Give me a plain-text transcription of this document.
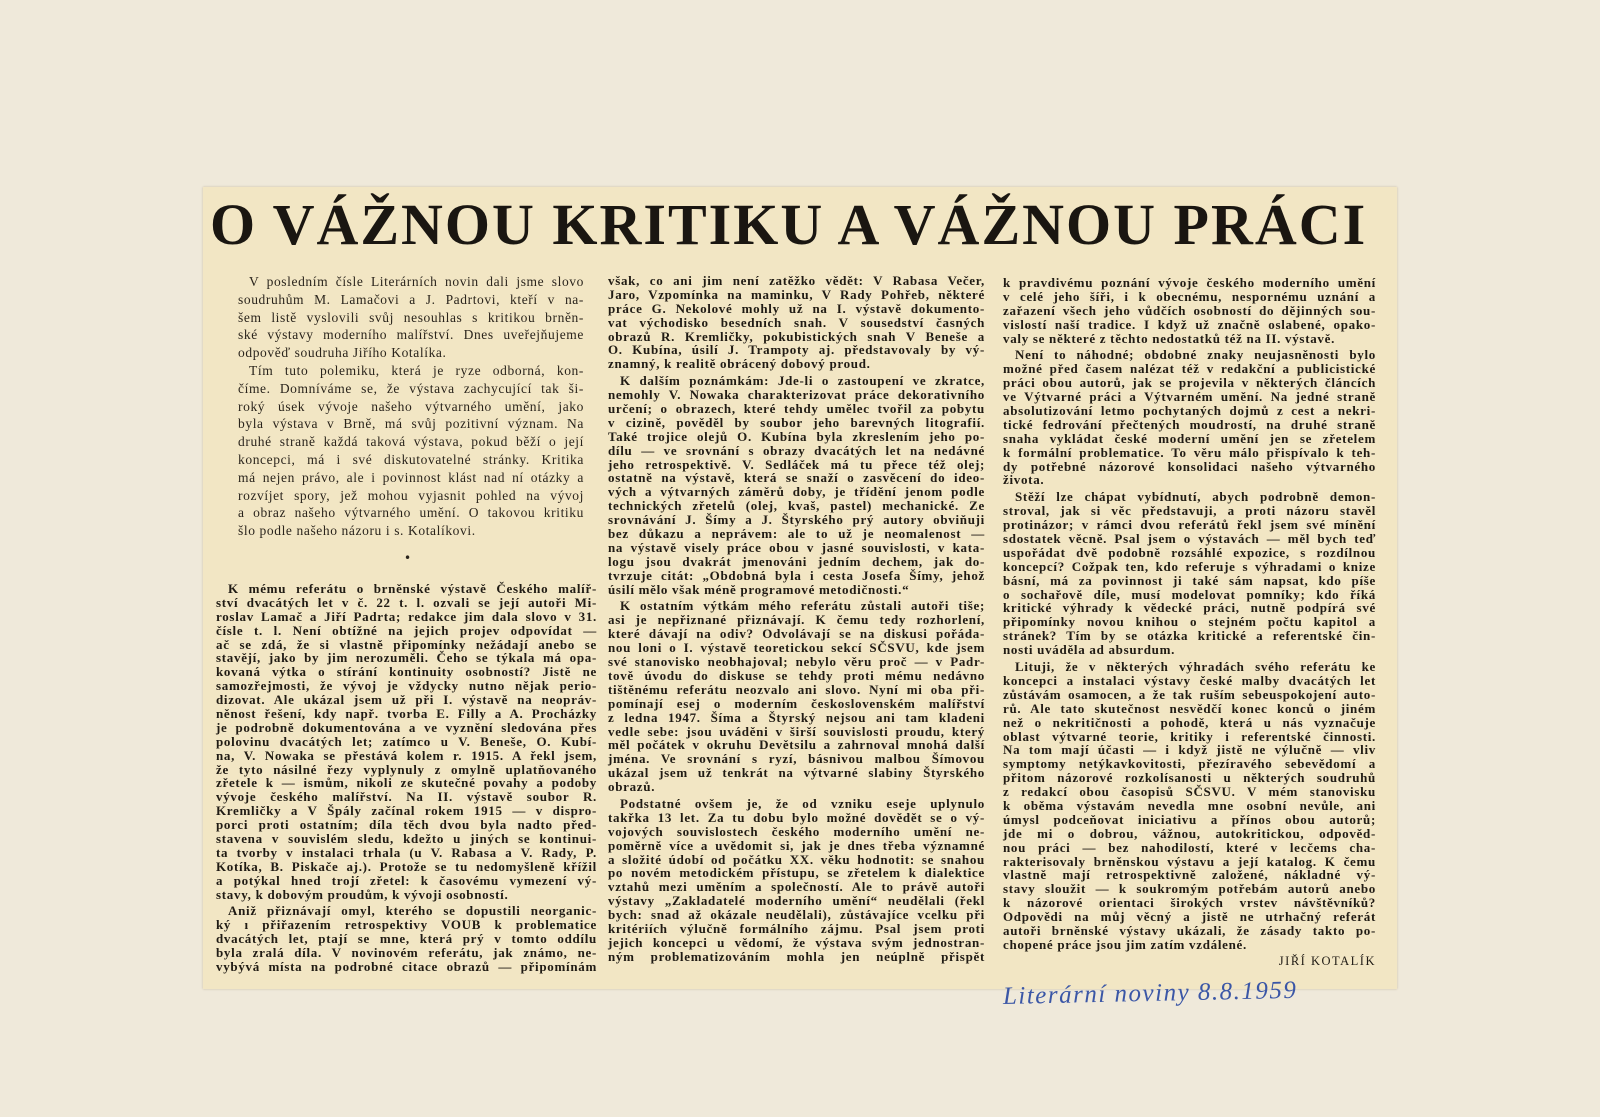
O VÁŽNOU KRITIKU A VÁŽNOU PRÁCI
V posledním čísle Literárních novin dali jsme slovo
soudruhům M. Lamačovi a J. Padrtovi, kteří v na-
šem listě vyslovili svůj nesouhlas s kritikou brněn-
ské výstavy moderního malířství. Dnes uveřejňujeme
odpověď soudruha Jiřího Kotalíka.
Tím tuto polemiku, která je ryze odborná, kon-
číme. Domníváme se, že výstava zachycující tak ši-
roký úsek vývoje našeho výtvarného umění, jako
byla výstava v Brně, má svůj pozitivní význam. Na
druhé straně každá taková výstava, pokud běží o její
koncepci, má i své diskutovatelné stránky. Kritika
má nejen právo, ale i povinnost klást nad ní otázky a
rozvíjet spory, jež mohou vyjasnit pohled na vývoj
a obraz našeho výtvarného umění. O takovou kritiku
šlo podle našeho názoru i s. Kotalíkovi.
•
K mému referátu o brněnské výstavě Českého malíř-
ství dvacátých let v č. 22 t. l. ozvali se její autoři Mi-
roslav Lamač a Jiří Padrta; redakce jim dala slovo v 31.
čísle t. l. Není obtížné na jejich projev odpovídat —
ač se zdá, že si vlastně připomínky nežádají anebo se
stavějí, jako by jim nerozuměli. Čeho se týkala má opa-
kovaná výtka o stírání kontinuity osobností? Jistě ne
samozřejmosti, že vývoj je vždycky nutno nějak perio-
dizovat. Ale ukázal jsem už při I. výstavě na neopráv-
něnost řešení, kdy např. tvorba E. Filly a A. Procházky
je podrobně dokumentována a ve vyznění sledována přes
polovinu dvacátých let; zatímco u V. Beneše, O. Kubí-
na, V. Nowaka se přestává kolem r. 1915. A řekl jsem,
že tyto násilné řezy vyplynuly z omylně uplatňovaného
zřetele k — ismům, nikoli ze skutečné povahy a podoby
vývoje českého malířství. Na II. výstavě soubor R.
Kremličky a V Špály začínal rokem 1915 — v dispro-
porci proti ostatním; díla těch dvou byla nadto před-
stavena v souvislém sledu, kdežto u jiných se kontinui-
ta tvorby v instalaci trhala (u V. Rabasa a V. Rady, P.
Kotíka, B. Piskače aj.). Protože se tu nedomyšleně křížil
a potýkal hned trojí zřetel: k časovému vymezení vý-
stavy, k dobovým proudům, k vývoji osobností.
Aniž přiznávají omyl, kterého se dopustili neorganic-
ký ı přiřazením retrospektivy VOUB k problematice
dvacátých let, ptají se mne, která prý v tomto oddílu
byla zralá díla. V novinovém referátu, jak známo, ne-
vybývá místa na podrobné citace obrazů — připomínám
však, co ani jim není zatěžko vědět: V Rabasa Večer,
Jaro, Vzpomínka na maminku, V Rady Pohřeb, některé
práce G. Nekolové mohly už na I. výstavě dokumento-
vat východisko besedních snah. V sousedství časných
obrazů R. Kremličky, pokubistických snah V Beneše a
O. Kubína, úsilí J. Trampoty aj. představovaly by vý-
znamný, k realitě obrácený dobový proud.
K dalším poznámkám: Jde-li o zastoupení ve zkratce,
nemohly V. Nowaka charakterizovat práce dekorativního
určení; o obrazech, které tehdy umělec tvořil za pobytu
v cizině, pověděl by soubor jeho barevných litografií.
Také trojice olejů O. Kubína byla zkreslením jeho po-
dílu — ve srovnání s obrazy dvacátých let na nedávné
jeho retrospektivě. V. Sedláček má tu přece též olej;
ostatně na výstavě, která se snaží o zasvěcení do ideo-
vých a výtvarných záměrů doby, je třídění jenom podle
technických zřetelů (olej, kvaš, pastel) mechanické. Ze
srovnávání J. Šímy a J. Štyrského prý autory obviňuji
bez důkazu a neprávem: ale to už je neomalenost —
na výstavě visely práce obou v jasné souvislosti, v kata-
logu jsou dvakrát jmenováni jedním dechem, jak do-
tvrzuje citát: „Obdobná byla i cesta Josefa Šímy, jehož
úsilí mělo však méně programové metodičnosti.“
K ostatním výtkám mého referátu zůstali autoři tiše;
asi je nepřiznané přiznávají. K čemu tedy rozhorlení,
které dávají na odiv? Odvolávají se na diskusi pořáda-
nou loni o I. výstavě teoretickou sekcí SČSVU, kde jsem
své stanovisko neobhajoval; nebylo věru proč — v Padr-
tově úvodu do diskuse se tehdy proti mému nedávno
tištěnému referátu neozvalo ani slovo. Nyní mi oba při-
pomínají esej o moderním československém malířství
z ledna 1947. Šíma a Štyrský nejsou ani tam kladeni
vedle sebe: jsou uváděni v širší souvislosti proudu, který
měl počátek v okruhu Devětsilu a zahrnoval mnohá další
jména. Ve srovnání s ryzí, básnivou malbou Šímovou
ukázal jsem už tenkrát na výtvarné slabiny Štyrského
obrazů.
Podstatné ovšem je, že od vzniku eseje uplynulo
takřka 13 let. Za tu dobu bylo možné dovědět se o vý-
vojových souvislostech českého moderního umění ne-
poměrně více a uvědomit si, jak je dnes třeba významné
a složité údobí od počátku XX. věku hodnotit: se snahou
po novém metodickém přístupu, se zřetelem k dialektice
vztahů mezi uměním a společností. Ale to právě autoři
výstavy „Zakladatelé moderního umění“ neudělali (řekl
bych: snad až okázale neudělali), zůstávajíce vcelku při
kritériích výlučně formálního zájmu. Psal jsem proti
jejich koncepci u vědomí, že výstava svým jednostran-
ným problematizováním mohla jen neúplně přispět
k pravdivému poznání vývoje českého moderního umění
v celé jeho šíři, i k obecnému, nespornému uznání a
zařazení všech jeho vůdčích osobností do dějinných sou-
vislostí naší tradice. I když už značně oslabené, opako-
valy se některé z těchto nedostatků též na II. výstavě.
Není to náhodné; obdobné znaky neujasněnosti bylo
možné před časem nalézat též v redakční a publicistické
práci obou autorů, jak se projevila v některých článcích
ve Výtvarné práci a Výtvarném umění. Na jedné straně
absolutizování letmo pochytaných dojmů z cest a nekri-
tické fedrování přečtených moudrostí, na druhé straně
snaha vykládat české moderní umění jen se zřetelem
k formální problematice. To věru málo přispívalo k teh-
dy potřebné názorové konsolidaci našeho výtvarného
života.
Stěží lze chápat vybídnutí, abych podrobně demon-
stroval, jak si věc představuji, a proti názoru stavěl
protinázor; v rámci dvou referátů řekl jsem své mínění
sdostatek věcně. Psal jsem o výstavách — měl bych teď
uspořádat dvě podobně rozsáhlé expozice, s rozdílnou
koncepcí? Cožpak ten, kdo referuje s výhradami o knize
básní, má za povinnost ji také sám napsat, kdo píše
o sochařově díle, musí modelovat pomníky; kdo říká
kritické výhrady k vědecké práci, nutně podpírá své
připomínky novou knihou o stejném počtu kapitol a
stránek? Tím by se otázka kritické a referentské čin-
nosti uváděla ad absurdum.
Lituji, že v některých výhradách svého referátu ke
koncepci a instalaci výstavy české malby dvacátých let
zůstávám osamocen, a že tak ruším sebeuspokojení auto-
rů. Ale tato skutečnost nesvědčí konec konců o jiném
než o nekritičnosti a pohodě, která u nás vyznačuje
oblast výtvarné teorie, kritiky i referentské činnosti.
Na tom mají účasti — i když jistě ne výlučně — vliv
symptomy netýkavkovitosti, přezíravého sebevědomí a
přitom názorové rozkolísanosti u některých soudruhů
z redakcí obou časopisů SČSVU. V mém stanovisku
k oběma výstavám nevedla mne osobní nevůle, ani
úmysl podceňovat iniciativu a přínos obou autorů;
jde mi o dobrou, vážnou, autokritickou, odpověd-
nou práci — bez nahodilostí, které v lecčems cha-
rakterisovaly brněnskou výstavu a její katalog. K čemu
vlastně mají retrospektivně založené, nákladné vý-
stavy sloužit — k soukromým potřebám autorů anebo
k názorové orientaci širokých vrstev návštěvníků?
Odpovědi na můj věcný a jistě ne utrhačný referát
autoři brněnské výstavy ukázali, že zásady takto po-
chopené práce jsou jim zatím vzdálené.
JIŘÍ KOTALÍK
Literární noviny 8.8.1959
